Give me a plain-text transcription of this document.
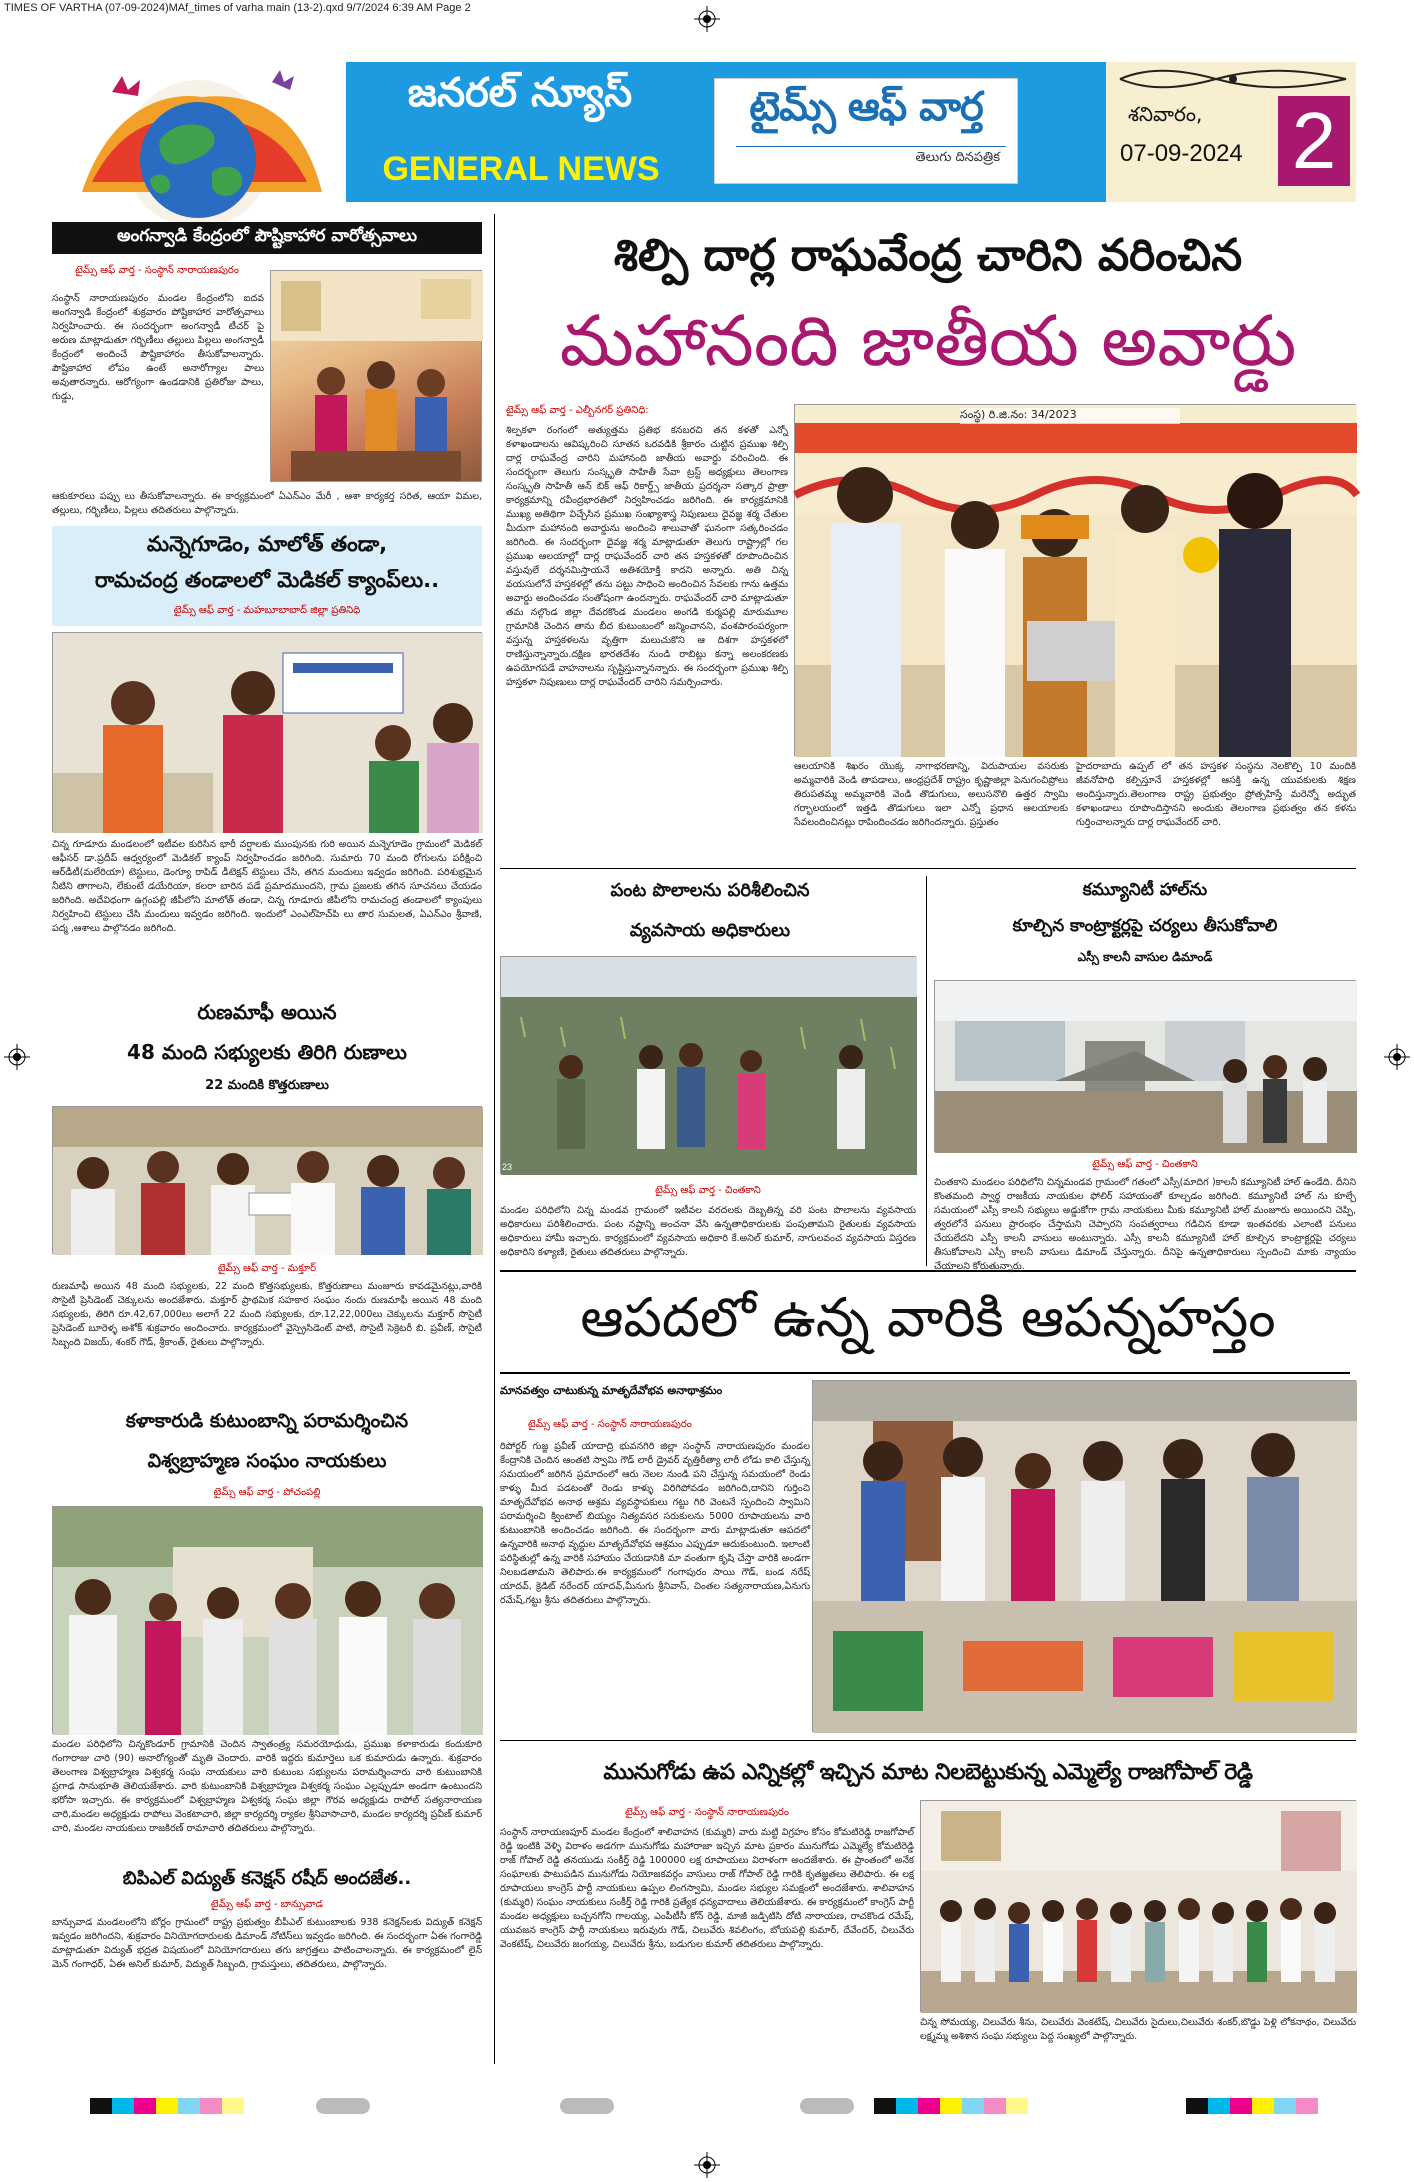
TIMES OF VARTHA (07-09-2024)MAf_times of varha main (13-2).qxd 9/7/2024 6:39 AM Page 2
జనరల్ న్యూస్
GENERAL NEWS
టైమ్స్ ఆఫ్ వార్త
తెలుగు దినపత్రిక
శనివారం,
07-09-2024 2
అంగన్వాడి కేంద్రంలో పౌష్టికాహార వారోత్సవాలు
టైమ్స్ ఆఫ్ వార్త - సంస్థాన్ నారాయణపురం
సంస్థాన్ నారాయణపురం మండల కేంద్రంలోని ఐదవ అంగన్వాడి కేంద్రంలో శుక్రవారం పోష్టికాహార వారోత్సవాలు నిర్వహించారు. ఈ సందర్భంగా అంగన్వాడీ టీచర్ పై అరుణ మాట్లాడుతూ గర్భిణీలు తల్లులు పిల్లలు అంగన్వాడీ కేంద్రంలో అందించే పౌష్టికాహారం తీసుకోవాలన్నారు. పౌష్టికాహార లోపం ఉంటే అనారోగ్యాల పాలు అవుతారన్నారు. ఆరోగ్యంగా ఉండడానికి ప్రతిరోజు పాలు, గుడ్డు,
ఆకుకూరలు పప్పు లు తీసుకోవాలన్నారు. ఈ కార్యక్రమంలో ఏఎన్ఎం మేరీ , ఆశా కార్యకర్త సరిత, ఆయా విమల, తల్లులు, గర్భిణీలు, పిల్లలు తదితరులు పాల్గొన్నారు.
మన్నెగూడెం, మాలోత్ తండా,
రామచంద్ర తండాలలో మెడికల్ క్యాంప్‌లు..
టైమ్స్ ఆఫ్ వార్త - మహబూబాబాద్ జిల్లా ప్రతినిధి
చిన్న గూడూరు మండలంలో ఇటీవల కురిసిన భారీ వర్షాలకు ముంపునకు గురి అయిన మన్నెగూడెం గ్రామంలో మెడికల్ ఆఫీసర్ డా.ప్రదీప్ ఆధ్వర్యంలో మెడికల్ క్యాంప్ నిర్వహించడం జరిగింది. సుమారు 70 మంది రోగులను పరీక్షించి ఆర్‌డీటీ(మలేరియా) టెస్టులు, డెంగ్యూ రాపిడ్ డీటెక్షన్ టెస్టులు చేసి, తగిన మందులు ఇవ్వడం జరిగింది. పరిశుభ్రమైన నీటిని తాగాలని, లేకుంటే డయేరియా, కలరా బారిన పడే ప్రమాదముందని, గ్రామ ప్రజలకు తగిన సూచనలు చేయడం జరిగింది. అదేవిధంగా ఉగ్గంపల్లి జీపీలోని మాలోత్ తండా, చిన్న గూడూరు జీపీలోని రామచంద్ర తండాలలో క్యాంపులు నిర్వహించి టెస్టులు చేసి మందులు ఇవ్వడం జరిగింది. ఇందులో ఎంఎల్‌హెచ్‌పి లు తార సుమలత, ఏఎన్ఎం శ్రీవాణి, పద్మ ,ఆశాలు పాల్గొనడం జరిగింది.
రుణమాఫీ అయిన
48 మంది సభ్యులకు తిరిగి రుణాలు
22 మందికి కొత్తరుణాలు
టైమ్స్ ఆఫ్ వార్త - మక్తూర్
రుణమాఫీ అయిన 48 మంది సభ్యులకు, 22 మంది కొత్తసభ్యులకు, కొత్తరుణాలు మంజూరు కావడమైనట్లు,వారికి సొసైటీ ప్రెసిడెంట్ చెక్కులను అందజేశారు. మక్తూర్ ప్రాథమిక సహకార సంఘం నందు రుణమాఫీ అయిన 48 మంది సభ్యులకు, తిరిగి రూ.42,67,000లు అలాగే 22 మంది సభ్యులకు, రూ.12,22,000లు చెక్కులను మక్తూర్ సొసైటీ ప్రెసిడెంట్ బూరెళ్ళ అశోక్ శుక్రవారం అందించారు. కార్యక్రమంలో వైస్ప్రెసిడెంట్ పాటి, సొసైటీ సెక్రెటరీ బి. ప్రవీణ్, సొసైటీ సిబ్బంది విజయ్, శంకర్ గౌడ్, శ్రీకాంత్, రైతులు పాల్గొన్నారు.
కళాకారుడి కుటుంబాన్ని పరామర్శించిన
విశ్వబ్రాహ్మణ సంఘం నాయకులు
టైమ్స్ ఆఫ్ వార్త - పోచంపల్లి
మండల పరిధిలోని చిన్నకొండూర్ గ్రామానికి చెందిన స్వాతంత్ర్య సమరయోధుడు, ప్రముఖ కళాకారుడు కందుకూరి గంగారాజు చారి (90) అనారోగ్యంతో మృతి చెందారు. వారికి ఇద్దరు కుమార్తెలు ఒక కుమారుడు ఉన్నారు. శుక్రవారం తెలంగాణ విశ్వబ్రాహ్మణ విశ్వకర్మ సంఘ నాయకులు వారి కుటుంబ సభ్యులను పరామర్శించారు వారి కుటుంబానికి ప్రగాఢ సానుభూతి తెలియజేశారు. వారి కుటుంబానికి విశ్వబ్రాహ్మణ విశ్వకర్మ సంఘం ఎల్లప్పుడూ అండగా ఉంటుందని భరోసా ఇచ్చారు. ఈ కార్యక్రమంలో విశ్వబ్రాహ్మణ విశ్వకర్మ సంఘ జిల్లా గౌరవ అధ్యక్షుడు రాపోల్ సత్యనారాయణ చారి,మండల అధ్యక్షుడు రాపోలు వెంకటాచారి, జిల్లా కార్యదర్శి ర్యాకల శ్రీనివాసాచారి, మండల కార్యదర్శి ప్రవీణ్ కుమార్ చారి, మండల నాయకులు రాజకిరణ్ రామాచారి తదితరులు పాల్గొన్నారు.
బిపిఎల్ విద్యుత్ కనెక్షన్ రషీద్ అందజేత..
టైమ్స్ ఆఫ్ వార్త - బాన్సువాడ
బాన్సువాడ మండలంలోని బోర్లం గ్రామంలో రాష్ట్ర ప్రభుత్వం బీపీఎల్ కుటుంబాలకు 938 కనెక్షన్‌లకు విద్యుత్ కనెక్షన్ ఇవ్వడం జరిగిందని, శుక్రవారం వినియోగదారులకు డిమాండ్ నోటిస్‌లు ఇవ్వడం జరిగింది. ఈ సందర్భంగా ఏఈ గంగారెడ్డి మాట్లాడుతూ విద్యుత్ భద్రత విషయంలో వినియోగదారులు తగు జాగ్రత్తలు పాటించాలన్నారు. ఈ కార్యక్రమంలో లైన్ మెన్ గంగాధర్, ఏఈ అనిల్ కుమార్, విద్యుత్ సిబ్బంది, గ్రామస్తులు, తదితరులు, పాల్గొన్నారు.
శిల్పి దార్ల రాఘవేంద్ర చారిని వరించిన
మహానంది జాతీయ అవార్డు
టైమ్స్ ఆఫ్ వార్త - ఎల్బీనగర్ ప్రతినిధి:
శిల్పకళా రంగంలో అత్యుత్తమ ప్రతిభ కనబరచి తన కళతో ఎన్నో కళాఖండాలను ఆవిష్కరించి సూతన ఒరవడికి శ్రీకారం చుట్టిన ప్రముఖ శిల్పి దార్ల రాఘవేంద్ర చారిని మహానంది జాతీయ అవార్డు వరించింది. ఈ సందర్భంగా తెలుగు సంస్కృతి సాహితీ సేవా ట్రస్ట్ అధ్యక్షులు తెలంగాణ సంస్కృతి సాహితీ ఆన్ బిక్ ఆఫ్ రికార్డ్స్ జాతీయ ప్రదర్శనా సత్కార ప్రాత్రా కార్యక్రమాన్ని రవీంద్రభారతిలో నిర్వహించడం జరిగింది. ఈ కార్యక్రమానికి ముఖ్య అతిథిగా విచ్చేసిన ప్రముఖ సంఖ్యాశాస్త్ర నిపుణులు దైవజ్ఞ శర్మ చేతుల మీదుగా మహానంది అవార్డును అందించి శాలువాతో ఘనంగా సత్కరించడం జరిగింది. ఈ సందర్భంగా దైవజ్ఞ శర్మ మాట్లాడుతూ తెలుగు రాష్ట్రాల్లో గల ప్రముఖ ఆలయాల్లో దార్ల రాఘవేందర్ చారి తన హస్తకళతో రూపొందించిన వస్తువులే దర్శనమిస్తాయనే అతిశయోక్తి కాదని అన్నారు. అతి చిన్న వయసులోనే హస్తకళల్లో తను పట్టు సాధించి అందించిన సేవలకు గాను ఉత్తమ అవార్డు అందించడం సంతోషంగా ఉందన్నారు. రాఘవేందర్ చారి మాట్లాడుతూ తమ నల్గొండ జిల్లా దేవరకొండ మండలం అంగడి కుర్మపల్లి మారుమూల గ్రామానికి చెందిన తాను బీద కుటుంబంలో జన్మించానని, వంశపారంపర్యంగా వస్తున్న హస్తకళలను వృత్తిగా మలుచుకొని ఆ దిశగా హస్తకళలో రాణిస్తున్నాన్నారు.దక్షిణ భారతదేశం నుండి రాబిట్లు కన్నా అలంకరణకు ఉపయోగపడే వాహనాలను సృష్టిస్తున్నానన్నారు. ఈ సందర్భంగా ప్రముఖ శిల్పి హస్తకళా నిపుణులు దార్ల రాఘవేందర్ చారిని సమర్పించారు.
సంస్థ) రి.జి.నం: 34/2023
ఆలయానికి శిఖరం యొక్క నాగాభరణాన్ని, విదుపాయల వసరుకు అమ్మవారికి వెండి తాపడాలు, ఆంధ్రప్రదేశ్ రాష్ట్రం కృష్ణాజిల్లా పెనుగంచిప్రోలు తిరుపతమ్మ అమ్మవారికి వెండి తొడుగులు, అలుసనొలి ఉత్తర స్వామి గర్భాలయంలో ఇత్తడి తొడుగులు ఇలా ఎన్నో ప్రధాన ఆలయాలకు సేవలందించినట్లు రాపిందించడం జరిగిందన్నారు. ప్రస్తుతం
హైదరాబాదు ఉప్పల్ లో తన హస్తకళ సంస్థను నెలకొల్పి 10 మందికి జీవనోపాధి కల్పిస్తూనే హస్తకళల్లో ఆసక్తి ఉన్న యువకులకు శిక్షణ అందిస్తున్నారు.తెలంగాణ రాష్ట్ర ప్రభుత్వం ప్రోత్సహిస్తే మరెన్నో అద్భుత కళాఖండాలు రూపొందిస్తానని అందుకు తెలంగాణ ప్రభుత్వం తన కళను గుర్తించాలన్నారు దార్ల రాఘవేందర్ చారి.
పంట పొలాలను పరిశీలించిన
వ్యవసాయ అధికారులు
23
టైమ్స్ ఆఫ్ వార్త - చింతకాని
మండల పరిధిలోని చిన్న మండవ గ్రామంలో ఇటీవల వరదలకు దెబ్బతిన్న వరి పంట పొలాలను వ్యవసాయ అధికారులు పరిశీలించారు. పంట నష్టాన్ని అంచనా వేసి ఉన్నతాధికారులకు పంపుతామని రైతులకు వ్యవసాయ అధికారులు హామీ ఇచ్చారు. కార్యక్రమంలో వ్యవసాయ అధికారి కే.అనిల్ కుమార్, నాగులవంచ వ్యవసాయ విస్తరణ అధికారిని కళ్యాణి, రైతులు తదితరులు పాల్గొన్నారు.
కమ్యూనిటీ హాల్‌ను
కూల్చిన కాంట్రాక్టర్లపై చర్యలు తీసుకోవాలి
ఎస్సీ కాలనీ వాసుల డిమాండ్
టైమ్స్ ఆఫ్ వార్త - చింతకాని
చింతకాని మండలం పరిధిలోని చిన్నమండవ గ్రామంలో గతంలో ఎస్సీ(మాదిగ )కాలనీ కమ్యూనిటీ హాల్ ఉండేది. దీనిని కొంతమంది స్వార్థ రాజకీయ నాయకుల ఫోలిర్ సహాయంతో కూల్చడం జరిగింది. కమ్యూనిటీ హాల్ ను కూల్చే సమయంలో ఎస్సీ కాలనీ సభ్యులు అడ్డుకోగా గ్రామ నాయకులు మీకు కమ్యూనిటీ హాల్ మంజూరు అయిందని చెప్పి, త్వరలోనే పనులు ప్రారంభం చేస్తామని చెప్పారని సంపత్వరాలు గడిచిన కూడా ఇంతవరకు ఎలాంటి పనులు చేయలేదని ఎస్సీ కాలనీ వాసులు అంటున్నారు. ఎస్సీ కాలనీ కమ్యూనిటీ హాల్ కూల్చిన కాంట్రాక్టర్లపై చర్యలు తీసుకోవాలని ఎస్సీ కాలనీ వాసులు డిమాండ్ చేస్తున్నారు. దీనిపై ఉన్నతాధికారులు స్పందించి మాకు న్యాయం చేయాలని కోరుతున్నారు.
ఆపదలో ఉన్న వారికి ఆపన్నహస్తం
మానవత్వం చాటుకున్న మాతృదేవోభవ అనాథాశ్రమం
టైమ్స్ ఆఫ్ వార్త - సంస్థాన్ నారాయణపురం
రిపోర్టర్ గుజ్జ ప్రవీణ్ యాదాద్రి భువనగిరి జిల్లా సంస్థాన్ నారాయణపురం మండల కేంద్రానికి చెందిన ఆంతటి స్వామి గౌడ్ లారీ డ్రైవర్ వృత్తిరీత్యా లారీ లోడు కాలి చేస్తున్న సమయంలో జరిగిన ప్రమాదంలో ఆరు నెలల నుండి పని చేస్తున్న సమయంలో రెండు కాళ్ళు మీద పడటంతో రెండు కాళ్ళు విరిగిపోవడం జరిగింది,దానిని గుర్తించి మాతృదేవోభవ అనాథ ఆశ్రమ వ్యవస్థాపకులు గట్టు గిరి వెంటనే స్పందించి స్వామిని పరామర్శించి క్వింటాల్ బియ్యం నిత్యవసర సరుకులను 5000 రూపాయలను వారి కుటుంబానికి అందించడం జరిగింది. ఈ సందర్భంగా వారు మాట్లాడుతూ ఆపదలో ఉన్నవారికి అనాథ వృద్ధుల మాతృదేవోభవ ఆశ్రమం ఎప్పుడూ ఆదుకుంటుంది. ఇలాంటి పరిస్థితుల్లో ఉన్న వారికి సహాయం చేయడానికి మా వంతుగా కృషి చేస్తా వారికి అండగా నిలబడతామని తెలిపారు.ఈ కార్యక్రమంలో గంగాపురం సాయి గౌడ్, బండ నరేష్ యాదవ్, క్రెడిట్ నరేందర్ యాదవ్,మీనుగు శ్రీనివాస్, చింతల సత్యనారాయణ,ఏనుగు రమేష్,గట్టు శ్రీను తదితరులు పాల్గొన్నారు.
మునుగోడు ఉప ఎన్నికల్లో ఇచ్చిన మాట నిలబెట్టుకున్న ఎమ్మెల్యే రాజగోపాల్ రెడ్డి
టైమ్స్ ఆఫ్ వార్త - సంస్థాన్ నారాయణపురం
సంస్థాన్ నారాయణపూర్ మండల కేంద్రంలో శాలివాహన (కుమ్మరి) వారు మట్టి విగ్రహం కోసం కోమటిరెడ్డి రాజగోపాల్ రెడ్డి ఇంటికి వెళ్ళి విరాళం అడగగా మునుగోడు మహారాజా ఇచ్చిన మాట ప్రకారం మునుగోడు ఎమ్మెల్యే కోమటిరెడ్డి రాజ్ గోపాల్ రెడ్డి తనయుడు సంకీర్త్ రెడ్డి 100000 లక్ష రూపాయలు విరాళంగా అందజేశారు. ఈ ప్రాంతంలో అనేక సంఘాలకు పాటుపడిన మునుగోడు నియోజకవర్గం వాసులు రాజ్ గోపాల్ రెడ్డి గారికి కృతజ్ఞతలు తెలిపారు. ఈ లక్ష రూపాయలు కాంగ్రెస్ పార్టీ నాయకులు ఉప్పల లింగస్వామి, మండల సభ్యుల సమక్షంలో అందజేశారు. శాలివాహన (కుమ్మరి) సంఘం నాయకులు సంకీర్త్ రెడ్డి గారికి ప్రత్యేక ధన్యవాదాలు తెలియజేశారు. ఈ కార్యక్రమంలో కాంగ్రెస్ పార్టీ మండల అధ్యక్షులు బచ్చనగోని గాలయ్య, ఎంపీటీసీ కోన్ రెడ్డి, మాజీ జడ్పిటిసి దోటి నారాయణ, రాచకొండ రమేష్, యువజన కాంగ్రెస్ పార్టీ నాయకులు ఇరువురు గౌడ్, చిలువేరు శివలింగం, బోయపల్లి కుమార్, దేవేందర్, చిలువేరు వెంకటేష్, చిలువేరు జంగయ్య, చిలువేరు శ్రీను, బడుగుల కుమార్ తదితరులు పాల్గొన్నారు.
చిన్న సోమయ్య, చిలువేరు శీను, చిలువేరు వెంకటేష్, చిలువేరు సైదులు,చిలువేరు శంకర్,బొడ్డు పెళ్లి లోకనాథం, చిలువేరు లక్ష్మమ్మ అశిశాన సంఘ సభ్యులు పెద్ద సంఖ్యలో పాల్గొన్నారు.
